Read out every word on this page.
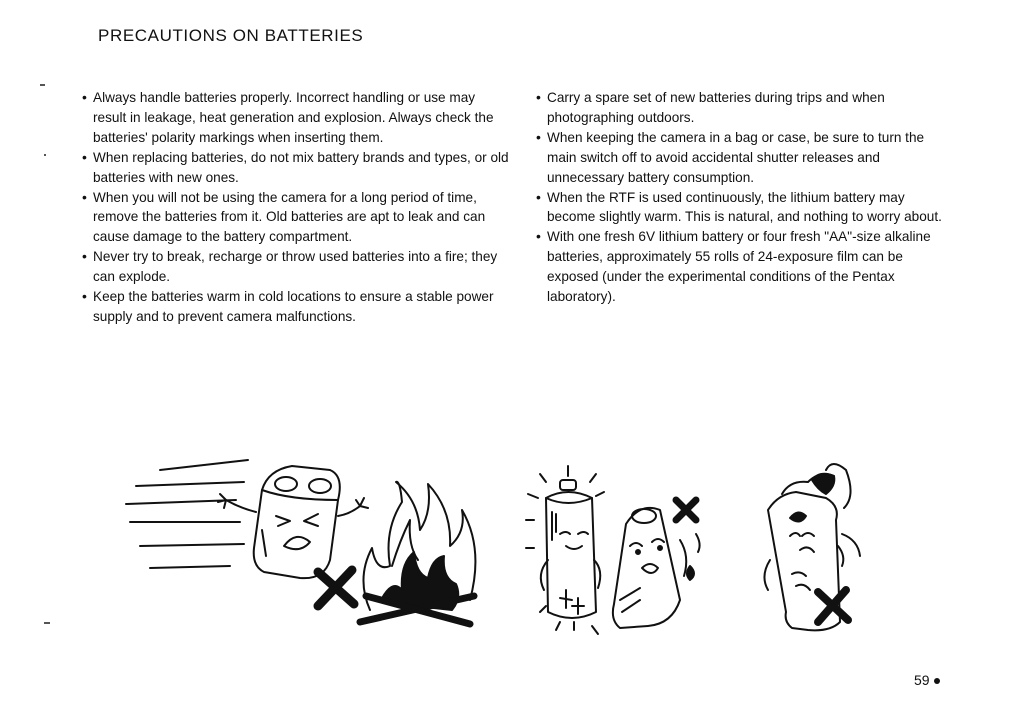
PRECAUTIONS ON BATTERIES
• Always handle batteries properly. Incorrect handling or use may result in leakage, heat generation and explosion. Always check the batteries' polarity markings when inserting them.
• When replacing batteries, do not mix battery brands and types, or old batteries with new ones.
• When you will not be using the camera for a long period of time, remove the batteries from it. Old batteries are apt to leak and can cause damage to the battery compartment.
• Never try to break, recharge or throw used batteries into a fire; they can explode.
• Keep the batteries warm in cold locations to ensure a stable power supply and to prevent camera malfunctions.
• Carry a spare set of new batteries during trips and when photographing outdoors.
• When keeping the camera in a bag or case, be sure to turn the main switch off to avoid accidental shutter releases and unnecessary battery consumption.
• When the RTF is used continuously, the lithium battery may become slightly warm. This is natural, and nothing to worry about.
• With one fresh 6V lithium battery or four fresh "AA"-size alkaline batteries, approximately 55 rolls of 24-exposure film can be exposed (under the experimental conditions of the Pentax laboratory).
59
